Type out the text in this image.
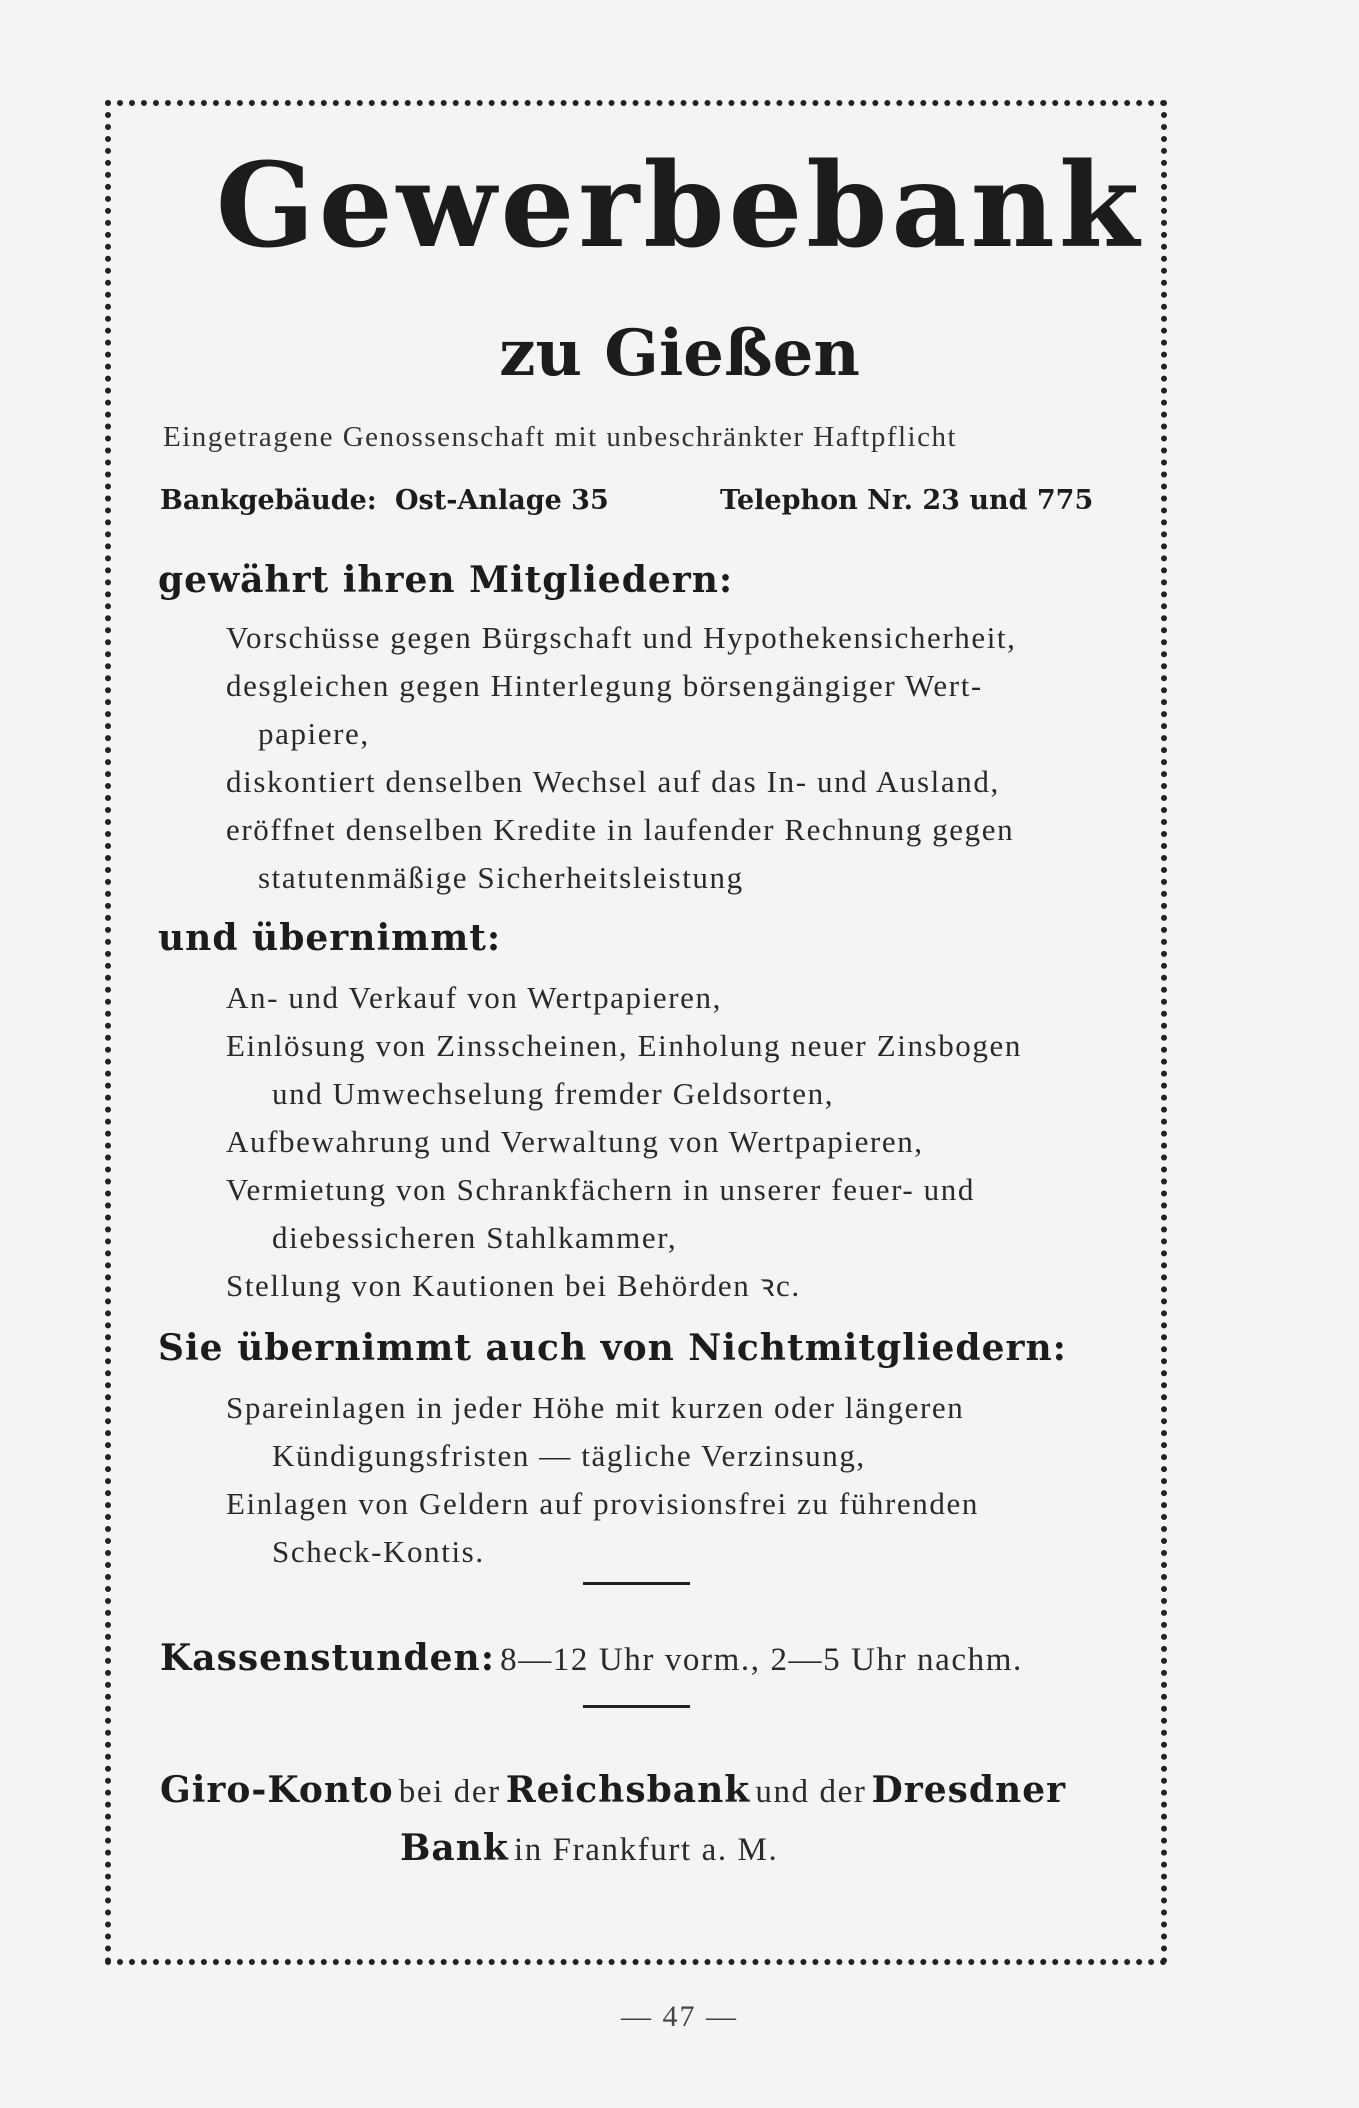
Gewerbebank
zu Gießen
Eingetragene Genossenschaft mit unbeschränkter Haftpflicht
Bankgebäude: Ost-Anlage 35	Telephon Nr. 23 und 775
gewährt ihren Mitgliedern:
Vorschüsse gegen Bürgschaft und Hypothekensicherheit,
desgleichen gegen Hinterlegung börsengängiger Wert-
papiere,
diskontiert denselben Wechsel auf das In- und Ausland,
eröffnet denselben Kredite in laufender Rechnung gegen
statutenmäßige Sicherheitsleistung
und übernimmt:
An- und Verkauf von Wertpapieren,
Einlösung von Zinsscheinen, Einholung neuer Zinsbogen
und Umwechselung fremder Geldsorten,
Aufbewahrung und Verwaltung von Wertpapieren,
Vermietung von Schrankfächern in unserer feuer- und
diebessicheren Stahlkammer,
Stellung von Kautionen bei Behörden ꝛc.
Sie übernimmt auch von Nichtmitgliedern:
Spareinlagen in jeder Höhe mit kurzen oder längeren
Kündigungsfristen — tägliche Verzinsung,
Einlagen von Geldern auf provisionsfrei zu führenden
Scheck-Kontis.
Kassenstunden: 8—12 Uhr vorm., 2—5 Uhr nachm.
Giro-Konto bei der Reichsbank und der Dresdner
Bank in Frankfurt a. M.
— 47 —
